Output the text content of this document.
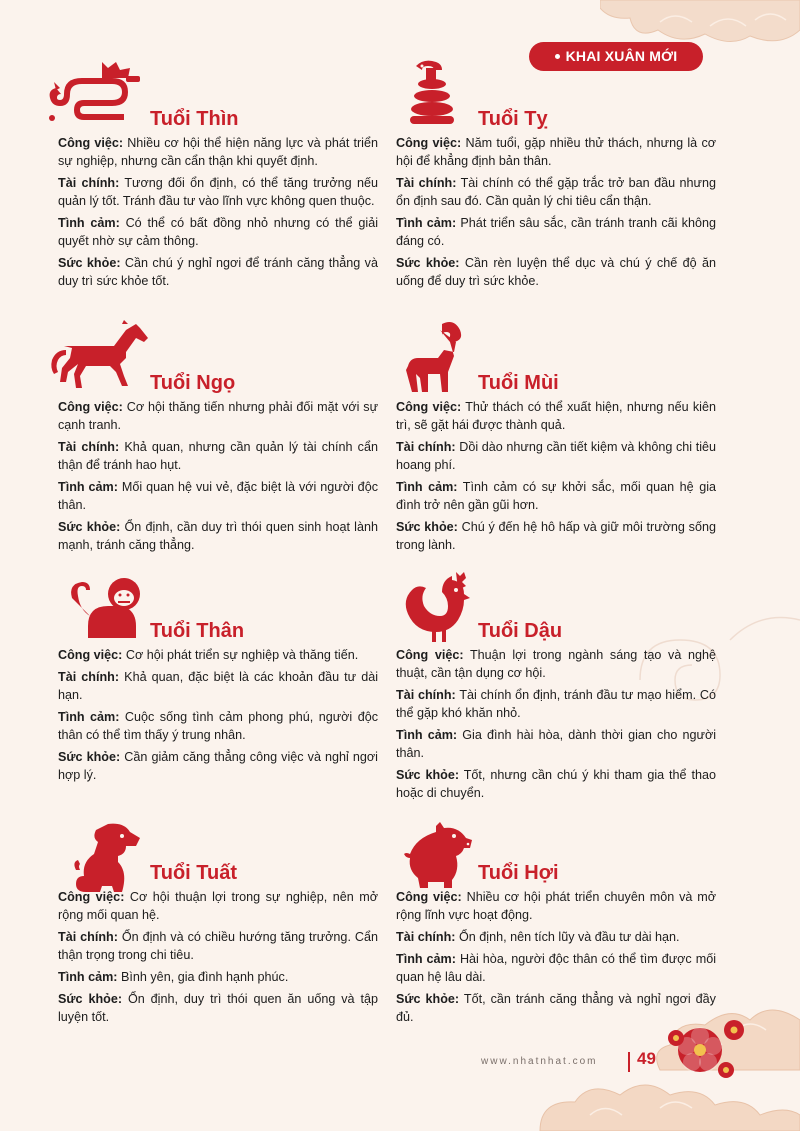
KHAI XUÂN MỚI
Tuổi Thìn

Công việc: Nhiều cơ hội thể hiện năng lực và phát triển sự nghiệp, nhưng cần cẩn thận khi quyết định.

Tài chính: Tương đối ổn định, có thể tăng trưởng nếu quản lý tốt. Tránh đầu tư vào lĩnh vực không quen thuộc.

Tình cảm: Có thể có bất đồng nhỏ nhưng có thể giải quyết nhờ sự cảm thông.

Sức khỏe: Cần chú ý nghỉ ngơi để tránh căng thẳng và duy trì sức khỏe tốt.

Tuổi Tỵ

Công việc: Năm tuổi, gặp nhiều thử thách, nhưng là cơ hội để khẳng định bản thân.

Tài chính: Tài chính có thể gặp trắc trở ban đầu nhưng ổn định sau đó. Cần quản lý chi tiêu cẩn thận.

Tình cảm: Phát triển sâu sắc, cần tránh tranh cãi không đáng có.

Sức khỏe: Cần rèn luyện thể dục và chú ý chế độ ăn uống để duy trì sức khỏe.

Tuổi Ngọ

Công việc: Cơ hội thăng tiến nhưng phải đối mặt với sự cạnh tranh.

Tài chính: Khả quan, nhưng cần quản lý tài chính cẩn thận để tránh hao hụt.

Tình cảm: Mối quan hệ vui vẻ, đặc biệt là với người độc thân.

Sức khỏe: Ổn định, cần duy trì thói quen sinh hoạt lành mạnh, tránh căng thẳng.

Tuổi Mùi

Công việc: Thử thách có thể xuất hiện, nhưng nếu kiên trì, sẽ gặt hái được thành quả.

Tài chính: Dồi dào nhưng cần tiết kiệm và không chi tiêu hoang phí.

Tình cảm: Tình cảm có sự khởi sắc, mối quan hệ gia đình trở nên gần gũi hơn.

Sức khỏe: Chú ý đến hệ hô hấp và giữ môi trường sống trong lành.

Tuổi Thân

Công việc: Cơ hội phát triển sự nghiệp và thăng tiến.

Tài chính: Khả quan, đặc biệt là các khoản đầu tư dài hạn.

Tình cảm: Cuộc sống tình cảm phong phú, người độc thân có thể tìm thấy ý trung nhân.

Sức khỏe: Cần giảm căng thẳng công việc và nghỉ ngơi hợp lý.

Tuổi Dậu

Công việc: Thuận lợi trong ngành sáng tạo và nghệ thuật, cần tận dụng cơ hội.

Tài chính: Tài chính ổn định, tránh đầu tư mạo hiểm. Có thể gặp khó khăn nhỏ.

Tình cảm: Gia đình hài hòa, dành thời gian cho người thân.

Sức khỏe: Tốt, nhưng cần chú ý khi tham gia thể thao hoặc di chuyển.

Tuổi Tuất

Công việc: Cơ hội thuận lợi trong sự nghiệp, nên mở rộng mối quan hệ.

Tài chính: Ổn định và có chiều hướng tăng trưởng. Cẩn thận trọng trong chi tiêu.

Tình cảm: Bình yên, gia đình hạnh phúc.

Sức khỏe: Ổn định, duy trì thói quen ăn uống và tập luyện tốt.

Tuổi Hợi

Công việc: Nhiều cơ hội phát triển chuyên môn và mở rộng lĩnh vực hoạt động.

Tài chính: Ổn định, nên tích lũy và đầu tư dài hạn.

Tình cảm: Hài hòa, người độc thân có thể tìm được mối quan hệ lâu dài.

Sức khỏe: Tốt, cần tránh căng thẳng và nghỉ ngơi đầy đủ.

www.nhatnhat.com 49
